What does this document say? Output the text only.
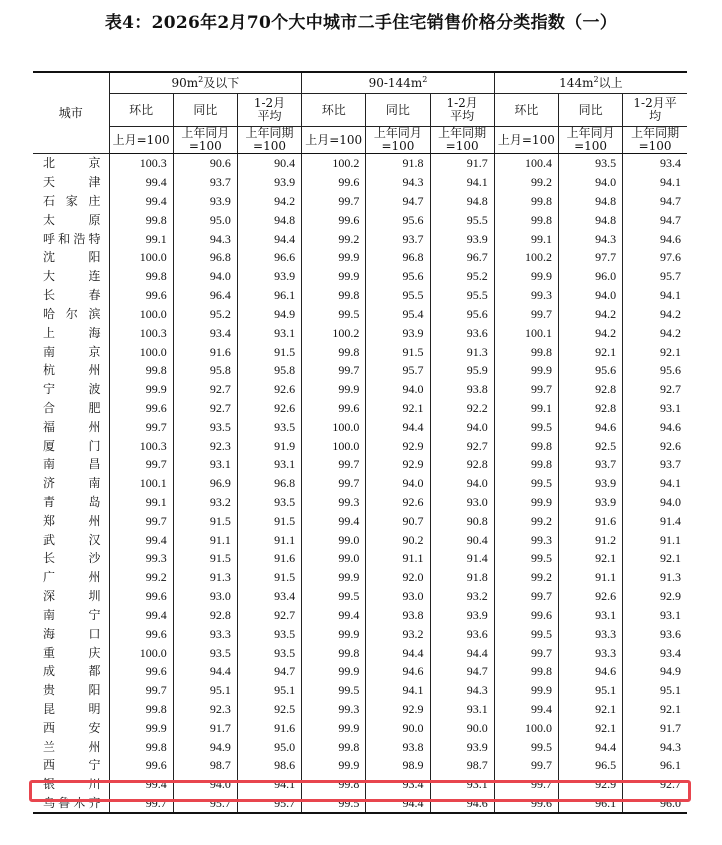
表4：2026年2月70个大中城市二手住宅销售价格分类指数（一）
城市	$90m^2$及以下			$90-144m^2$			$144m^2$以上		
	环比	同比	1-2月平均	环比	同比	1-2月平均	环比	同比	1-2月平均
	上月=100	上年同月=100	上年同期=100	上月=100	上年同月=100	上年同期=100	上月=100	上年同月=100	上年同期=100
北京	100.3	90.6	90.4	100.2	91.8	91.7	100.4	93.5	93.4
天津	99.4	93.7	93.9	99.6	94.3	94.1	99.2	94.0	94.1
石家庄	99.4	93.9	94.2	99.7	94.7	94.8	99.8	94.8	94.7
太原	99.8	95.0	94.8	99.6	95.6	95.5	99.8	94.8	94.7
呼和浩特	99.1	94.3	94.4	99.2	93.7	93.9	99.1	94.3	94.6
沈阳	100.0	96.8	96.6	99.9	96.8	96.7	100.2	97.7	97.6
大连	99.8	94.0	93.9	99.9	95.6	95.2	99.9	96.0	95.7
长春	99.6	96.4	96.1	99.8	95.5	95.5	99.3	94.0	94.1
哈尔滨	100.0	95.2	94.9	99.5	95.4	95.6	99.7	94.2	94.2
上海	100.3	93.4	93.1	100.2	93.9	93.6	100.1	94.2	94.2
南京	100.0	91.6	91.5	99.8	91.5	91.3	99.8	92.1	92.1
杭州	99.8	95.8	95.8	99.7	95.7	95.9	99.9	95.6	95.6
宁波	99.9	92.7	92.6	99.9	94.0	93.8	99.7	92.8	92.7
合肥	99.6	92.7	92.6	99.6	92.1	92.2	99.1	92.8	93.1
福州	99.7	93.5	93.5	100.0	94.4	94.0	99.5	94.6	94.6
厦门	100.3	92.3	91.9	100.0	92.9	92.7	99.8	92.5	92.6
南昌	99.7	93.1	93.1	99.7	92.9	92.8	99.8	93.7	93.7
济南	100.1	96.9	96.8	99.7	94.0	94.0	99.5	93.9	94.1
青岛	99.1	93.2	93.5	99.3	92.6	93.0	99.9	93.9	94.0
郑州	99.7	91.5	91.5	99.4	90.7	90.8	99.2	91.6	91.4
武汉	99.4	91.1	91.1	99.0	90.2	90.4	99.3	91.2	91.1
长沙	99.3	91.5	91.6	99.0	91.1	91.4	99.5	92.1	92.1
广州	99.2	91.3	91.5	99.9	92.0	91.8	99.2	91.1	91.3
深圳	99.6	93.0	93.4	99.5	93.0	93.2	99.7	92.6	92.9
南宁	99.4	92.8	92.7	99.4	93.8	93.9	99.6	93.1	93.1
海口	99.6	93.3	93.5	99.9	93.2	93.6	99.5	93.3	93.6
重庆	100.0	93.5	93.5	99.8	94.4	94.4	99.7	93.3	93.4
成都	99.6	94.4	94.7	99.9	94.6	94.7	99.8	94.6	94.9
贵阳	99.7	95.1	95.1	99.5	94.1	94.3	99.9	95.1	95.1
昆明	99.8	92.3	92.5	99.3	92.9	93.1	99.4	92.1	92.1
西安	99.9	91.7	91.6	99.9	90.0	90.0	100.0	92.1	91.7
兰州	99.8	94.9	95.0	99.8	93.8	93.9	99.5	94.4	94.3
西宁	99.6	98.7	98.6	99.9	98.9	98.7	99.7	96.5	96.1
银川	99.4	94.0	94.1	99.8	93.4	93.1	99.7	92.9	92.7
乌鲁木齐	99.7	95.7	95.7	99.5	94.4	94.6	99.6	96.1	96.0
